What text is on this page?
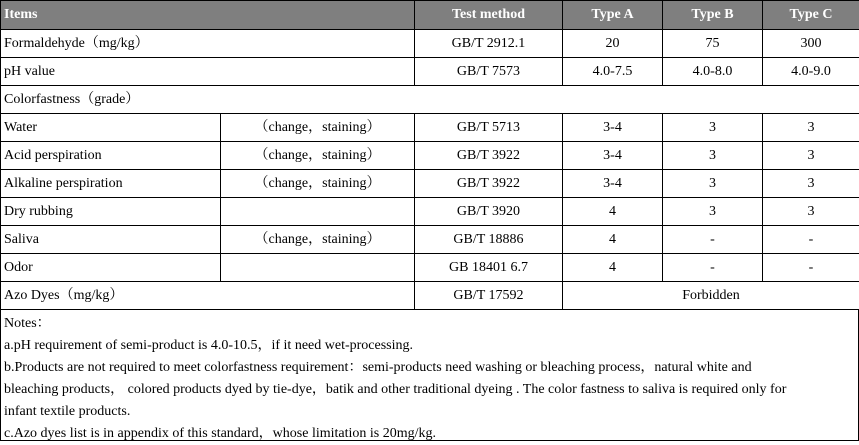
Items		Test method	Type A	Type B	Type C
Formaldehyde（mg/kg）		GB/T 2912.1	20	75	300
pH value		GB/T 7573	4.0-7.5	4.0-8.0	4.0-9.0
Colorfastness（grade）					
Water	（change，staining）	GB/T 5713	3-4	3	3
Acid perspiration	（change，staining）	GB/T 3922	3-4	3	3
Alkaline perspiration	（change，staining）	GB/T 3922	3-4	3	3
Dry rubbing		GB/T 3920	4	3	3
Saliva	（change，staining）	GB/T 18886	4	-	-
Odor		GB 18401 6.7	4	-	-
Azo Dyes（mg/kg）		GB/T 17592	Forbidden		
Notes：
a.pH requirement of semi-product is 4.0-10.5，if it need wet-processing.
b.Products are not required to meet colorfastness requirement：semi-products need washing or bleaching process，natural white and
bleaching products， colored products dyed by tie-dye，batik and other traditional dyeing . The color fastness to saliva is required only for
infant textile products.
c.Azo dyes list is in appendix of this standard，whose limitation is 20mg/kg.
